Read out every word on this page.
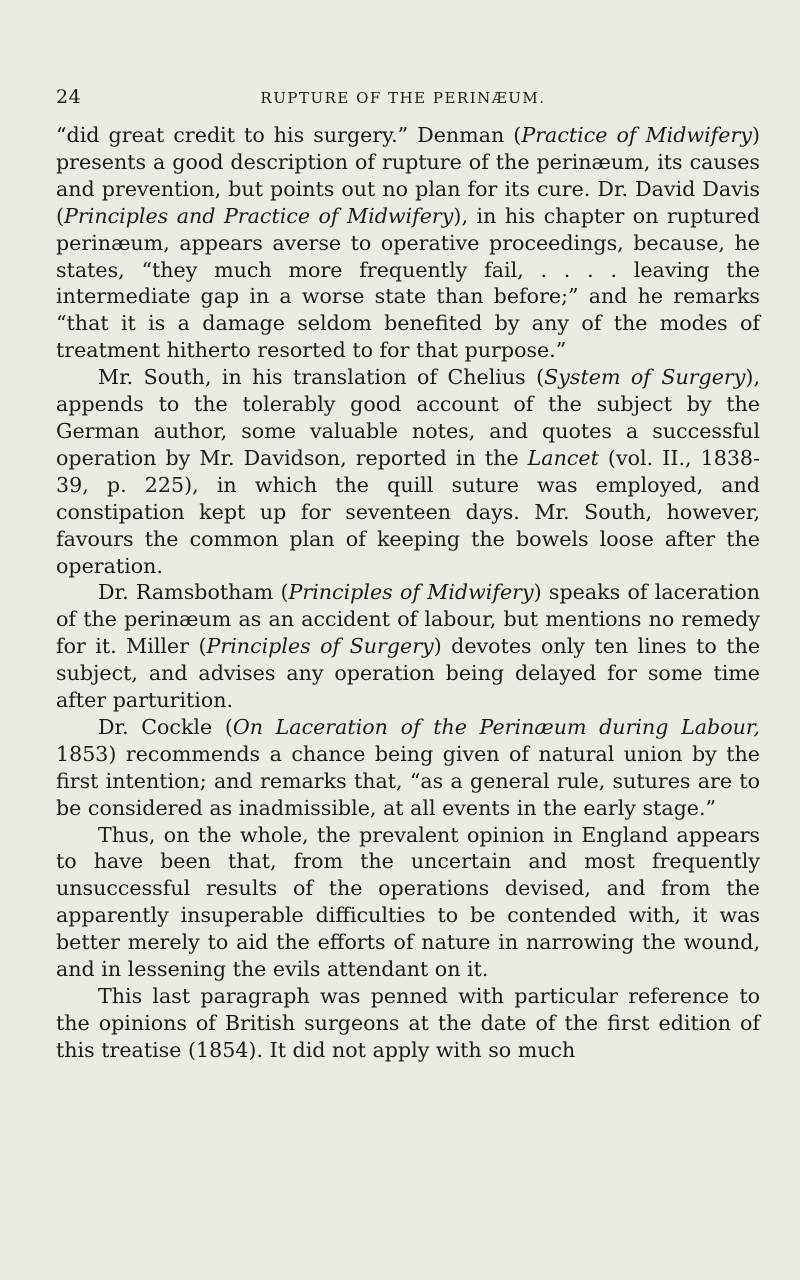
24	RUPTURE OF THE PERINÆUM.

“did great credit to his surgery.” Denman (Practice of Midwifery) presents a good description of rupture of the perinæum, its causes and prevention, but points out no plan for its cure. Dr. David Davis (Principles and Practice of Midwifery), in his chapter on ruptured perinæum, appears averse to operative proceedings, because, he states, “they much more frequently fail, . . . . leaving the intermediate gap in a worse state than before;” and he remarks “that it is a damage seldom benefited by any of the modes of treatment hitherto resorted to for that purpose.”

Mr. South, in his translation of Chelius (System of Surgery), appends to the tolerably good account of the subject by the German author, some valuable notes, and quotes a successful operation by Mr. Davidson, reported in the Lancet (vol. II., 1838-39, p. 225), in which the quill suture was employed, and constipation kept up for seventeen days. Mr. South, however, favours the common plan of keeping the bowels loose after the operation.

Dr. Ramsbotham (Principles of Midwifery) speaks of laceration of the perinæum as an accident of labour, but mentions no remedy for it. Miller (Principles of Surgery) devotes only ten lines to the subject, and advises any operation being delayed for some time after parturition.

Dr. Cockle (On Laceration of the Perinæum during Labour, 1853) recommends a chance being given of natural union by the first intention; and remarks that, “as a general rule, sutures are to be considered as inadmissible, at all events in the early stage.”

Thus, on the whole, the prevalent opinion in England appears to have been that, from the uncertain and most frequently unsuccessful results of the operations devised, and from the apparently insuperable difficulties to be contended with, it was better merely to aid the efforts of nature in narrowing the wound, and in lessening the evils attendant on it.

This last paragraph was penned with particular reference to the opinions of British surgeons at the date of the first edition of this treatise (1854). It did not apply with so much
